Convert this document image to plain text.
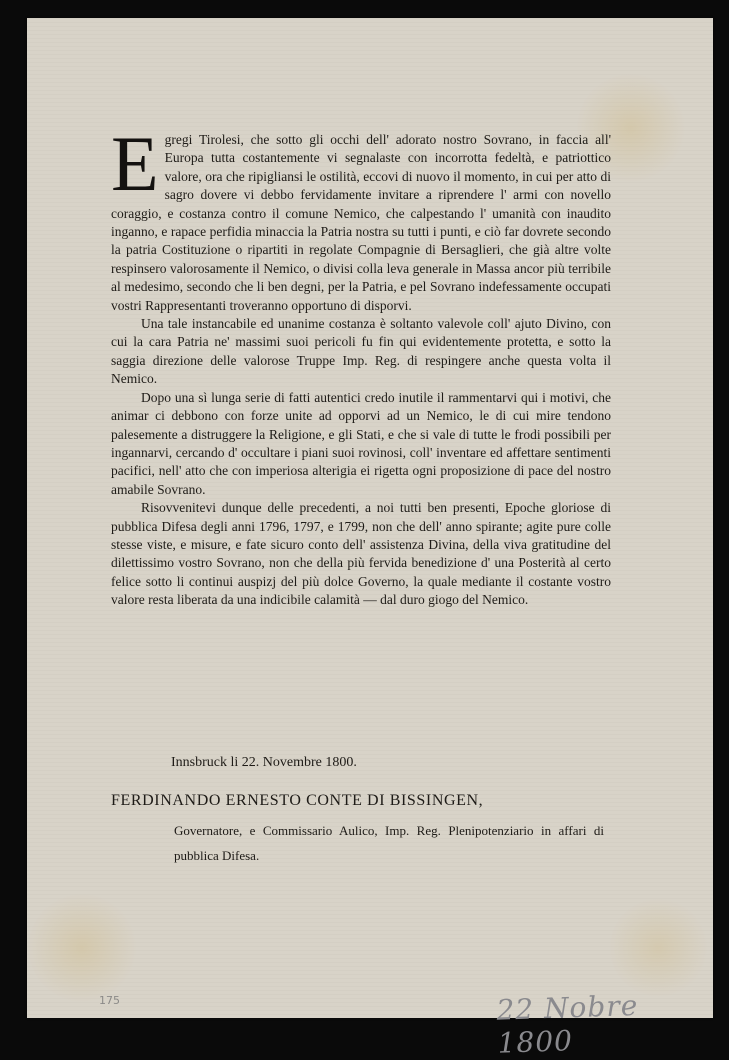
E gregi Tirolesi, che sotto gli occhi dell' adorato nostro Sovrano, in faccia all' Europa tutta costantemente vi segnalaste con incorrotta fedeltà, e patriottico valore, ora che ripigliansi le ostilità, eccovi di nuovo il momento, in cui per atto di sagro dovere vi debbo fervidamente invitare a riprendere l' armi con novello coraggio, e costanza contro il comune Nemico, che calpestando l' umanità con inaudito inganno, e rapace perfidia minaccia la Patria nostra su tutti i punti, e ciò far dovrete secondo la patria Costituzione o ripartiti in regolate Compagnie di Bersaglieri, che già altre volte respinsero valorosamente il Nemico, o divisi colla leva generale in Massa ancor più terribile al medesimo, secondo che li ben degni, per la Patria, e pel Sovrano indefessamente occupati vostri Rappresentanti troveranno opportuno di disporvi.

Una tale instancabile ed unanime costanza è soltanto valevole coll' ajuto Divino, con cui la cara Patria ne' massimi suoi pericoli fu fin qui evidentemente protetta, e sotto la saggia direzione delle valorose Truppe Imp. Reg. di respingere anche questa volta il Nemico.

Dopo una sì lunga serie di fatti autentici credo inutile il rammentarvi qui i motivi, che animar ci debbono con forze unite ad opporvi ad un Nemico, le di cui mire tendono palesemente a distruggere la Religione, e gli Stati, e che si vale di tutte le frodi possibili per ingannarvi, cercando d' occultare i piani suoi rovinosi, coll' inventare ed affettare sentimenti pacifici, nell' atto che con imperiosa alterigia ei rigetta ogni proposizione di pace del nostro amabile Sovrano.

Risovvenitevi dunque delle precedenti, a noi tutti ben presenti, Epoche gloriose di pubblica Difesa degli anni 1796, 1797, e 1799, non che dell' anno spirante; agite pure colle stesse viste, e misure, e fate sicuro conto dell' assistenza Divina, della viva gratitudine del dilettissimo vostro Sovrano, non che della più fervida benedizione d' una Posterità al certo felice sotto li continui auspizj del più dolce Governo, la quale mediante il costante vostro valore resta liberata da una indicibile calamità — dal duro giogo del Nemico.

Innsbruck li 22. Novembre 1800.
FERDINANDO ERNESTO CONTE DI BISSINGEN,
Governatore, e Commissario Aulico, Imp. Reg. Plenipotenziario in affari di pubblica Difesa.
175	22 Nobre 1800
